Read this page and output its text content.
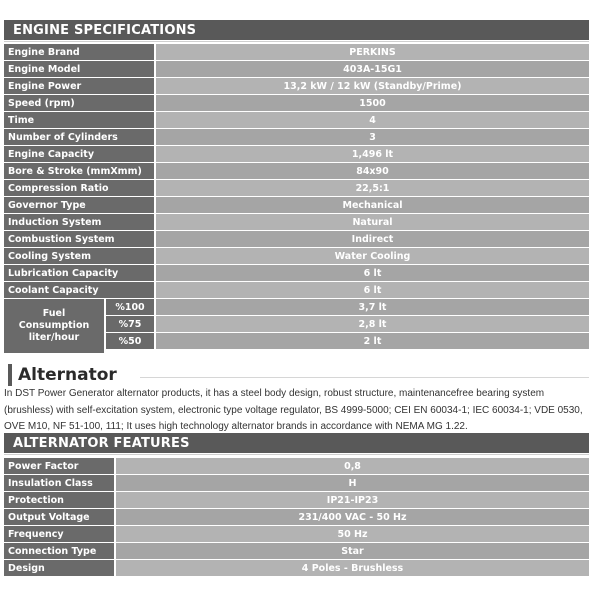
ENGINE SPECIFICATIONS
Engine Brand	PERKINS
Engine Model	403A-15G1
Engine Power	13,2 kW / 12 kW (Standby/Prime)
Speed (rpm)	1500
Time	4
Number of Cylinders	3
Engine Capacity	1,496 lt
Bore & Stroke (mmXmm)	84x90
Compression Ratio	22,5:1
Governor Type	Mechanical
Induction System	Natural
Combustion System	Indirect
Cooling System	Water Cooling
Lubrication Capacity	6 lt
Coolant Capacity	6 lt
Fuel
Consumption
liter/hour
%100	3,7 lt
%75	2,8 lt
%50	2 lt
Alternator

In DST Power Generator alternator products, it has a steel body design, robust structure, maintenancefree bearing system (brushless) with self-excitation system, electronic type voltage regulator, BS 4999-5000; CEI EN 60034-1; IEC 60034-1; VDE 0530, OVE M10, NF 51-100, 111; It uses high technology alternator brands in accordance with NEMA MG 1.22.

ALTERNATOR FEATURES
Power Factor	0,8
Insulation Class	H
Protection	IP21-IP23
Output Voltage	231/400 VAC - 50 Hz
Frequency	50 Hz
Connection Type	Star
Design	4 Poles - Brushless
